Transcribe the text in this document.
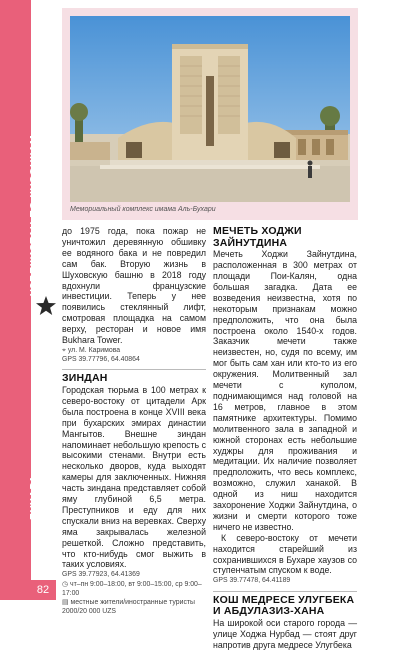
УЗБЕКИСТАН ПО КУСОЧКАМ
БУХАРА
82
Мемориальный комплекс имама Аль-Бухари
до 1975 года, пока пожар не уничтожил деревянную обшивку ее водяного бака и не повредил сам бак. Вторую жизнь в Шуховскую башню в 2018 году вдохнули французские инвестиции. Теперь у нее появились стеклянный лифт, смотровая площадка на самом верху, ресторан и новое имя Bukhara Tower.
⌖ ул. М. Каримова
GPS 39.77796, 64.40864
ЗИНДАН
Городская тюрьма в 100 метрах к северо-востоку от цитадели Арк была построена в конце XVIII века при бухарских эмирах династии Мангытов. Внешне зиндан напоминает небольшую крепость с высокими стенами. Внутри есть несколько дворов, куда выходят камеры для заключенных. Нижняя часть зиндана представляет собой яму глубиной 6,5 метра. Преступников и еду для них спускали вниз на веревках. Сверху яма закрывалась железной решеткой. Сложно представить, что кто-нибудь смог выжить в таких условиях.
GPS 39.77923, 64.41369
◷ чт–пн 9:00–18:00, вт 9:00–15:00, ср 9:00–17:00
▤ местные жители/иностранные туристы
2000/20 000 UZS
МЕЧЕТЬ ХОДЖИ ЗАЙНУТДИНА
Мечеть Ходжи Зайнутдина, расположенная в 300 метрах от площади Пои-Калян, одна большая загадка. Дата ее возведения неизвестна, хотя по некоторым признакам можно предположить, что она была построена около 1540-х годов. Заказчик мечети также неизвестен, но, судя по всему, им мог быть сам хан или кто-то из его окружения. Молитвенный зал мечети с куполом, поднимающимся над головой на 16 метров, главное в этом памятнике архитектуры. Помимо молитвенного зала в западной и южной сторонах есть небольшие худжры для проживания и медитации. Их наличие позволяет предположить, что весь комплекс, возможно, служил ханакой. В одной из ниш находится захоронение Ходжи Зайнутдина, о жизни и смерти которого тоже ничего не известно.
К северо-востоку от мечети находится старейший из сохранившихся в Бухаре хаузов со ступенчатым спуском к воде.
GPS 39.77478, 64.41189
КОШ МЕДРЕСЕ УЛУГБЕКА И АБДУЛАЗИЗ-ХАНА
На широкой оси старого города — улице Ходжа Нурбад — стоят друг напротив друга медресе Улугбека
